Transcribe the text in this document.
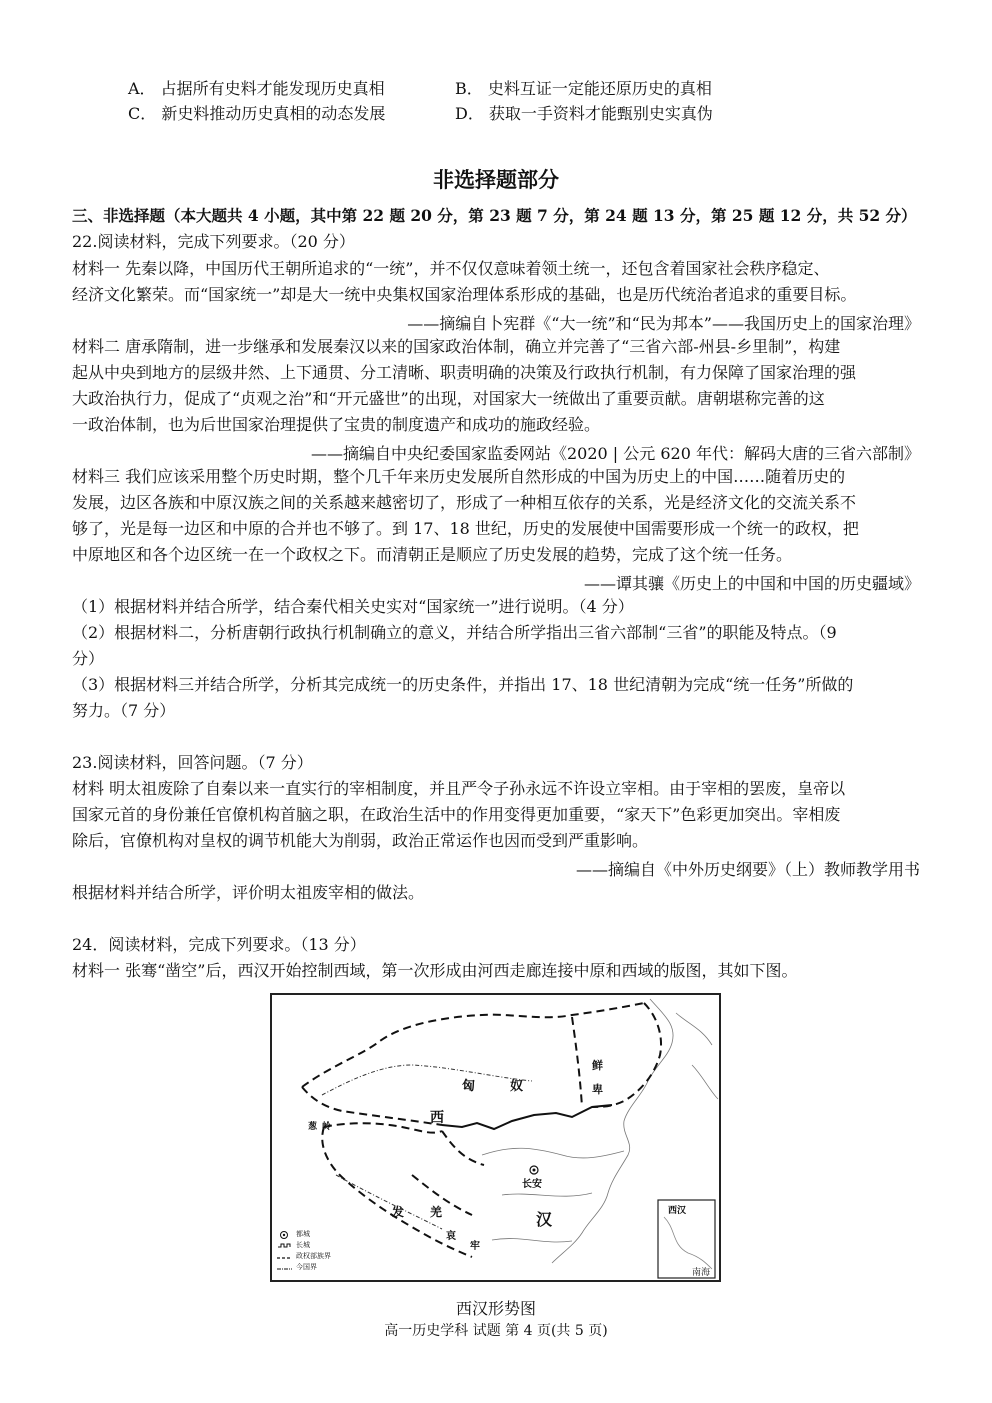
A． 占据所有史料才能发现历史真相	B． 史料互证一定能还原历史的真相
C． 新史料推动历史真相的动态发展	D． 获取一手资料才能甄别史实真伪
非选择题部分
三、非选择题（本大题共 4 小题，其中第 22 题 20 分，第 23 题 7 分，第 24 题 13 分，第 25 题 12 分，共 52 分）
22.阅读材料，完成下列要求。（20 分）
材料一 先秦以降，中国历代王朝所追求的“一统”，并不仅仅意味着领土统一，还包含着国家社会秩序稳定、
经济文化繁荣。而“国家统一”却是大一统中央集权国家治理体系形成的基础，也是历代统治者追求的重要目标。
——摘编自卜宪群《“大一统”和“民为邦本”——我国历史上的国家治理》
材料二 唐承隋制，进一步继承和发展秦汉以来的国家政治体制，确立并完善了“三省六部-州县-乡里制”，构建
起从中央到地方的层级井然、上下通贯、分工清晰、职责明确的决策及行政执行机制，有力保障了国家治理的强
大政治执行力，促成了“贞观之治”和“开元盛世”的出现，对国家大一统做出了重要贡献。唐朝堪称完善的这
一政治体制，也为后世国家治理提供了宝贵的制度遗产和成功的施政经验。
——摘编自中央纪委国家监委网站《2020 | 公元 620 年代：解码大唐的三省六部制》
材料三 我们应该采用整个历史时期，整个几千年来历史发展所自然形成的中国为历史上的中国……随着历史的
发展，边区各族和中原汉族之间的关系越来越密切了，形成了一种相互依存的关系，光是经济文化的交流关系不
够了，光是每一边区和中原的合并也不够了。到 17、18 世纪，历史的发展使中国需要形成一个统一的政权，把
中原地区和各个边区统一在一个政权之下。而清朝正是顺应了历史发展的趋势，完成了这个统一任务。
——谭其骧《历史上的中国和中国的历史疆域》
（1）根据材料并结合所学，结合秦代相关史实对“国家统一”进行说明。（4 分）
（2）根据材料二，分析唐朝行政执行机制确立的意义，并结合所学指出三省六部制“三省”的职能及特点。（9
分）
（3）根据材料三并结合所学，分析其完成统一的历史条件，并指出 17、18 世纪清朝为完成“统一任务”所做的
努力。（7 分）
23.阅读材料，回答问题。（7 分）
材料 明太祖废除了自秦以来一直实行的宰相制度，并且严令子孙永远不许设立宰相。由于宰相的罢废，皇帝以
国家元首的身份兼任官僚机构首脑之职，在政治生活中的作用变得更加重要，“家天下”色彩更加突出。宰相废
除后，官僚机构对皇权的调节机能大为削弱，政治正常运作也因而受到严重影响。
——摘编自《中外历史纲要》（上）教师教学用书
根据材料并结合所学，评价明太祖废宰相的做法。
24．阅读材料，完成下列要求。（13 分）
材料一 张骞“凿空”后，西汉开始控制西域，第一次形成由河西走廊连接中原和西域的版图，其如下图。
匈	奴
鲜
卑
西
葱 岭
长安
发 羌	汉
哀
牢
西汉
南海
都城
长城
政权部族界
今国界
西汉形势图
高一历史学科 试题 第 4 页(共 5 页)
